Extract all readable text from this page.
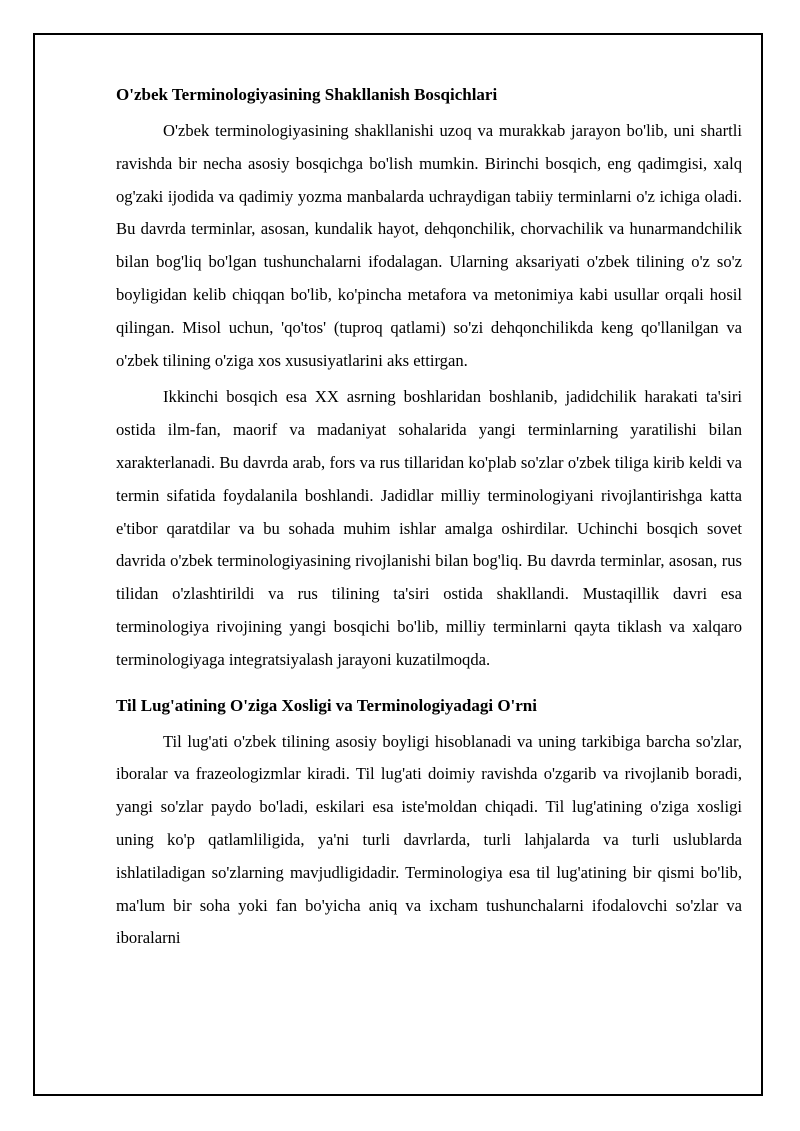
O'zbek Terminologiyasining Shakllanish Bosqichlari

O'zbek terminologiyasining shakllanishi uzoq va murakkab jarayon bo'lib, uni shartli ravishda bir necha asosiy bosqichga bo'lish mumkin. Birinchi bosqich, eng qadimgisi, xalq og'zaki ijodida va qadimiy yozma manbalarda uchraydigan tabiiy terminlarni o'z ichiga oladi. Bu davrda terminlar, asosan, kundalik hayot, dehqonchilik, chorvachilik va hunarmandchilik bilan bog'liq bo'lgan tushunchalarni ifodalagan. Ularning aksariyati o'zbek tilining o'z so'z boyligidan kelib chiqqan bo'lib, ko'pincha metafora va metonimiya kabi usullar orqali hosil qilingan. Misol uchun, 'qo'tos' (tuproq qatlami) so'zi dehqonchilikda keng qo'llanilgan va o'zbek tilining o'ziga xos xususiyatlarini aks ettirgan.

Ikkinchi bosqich esa XX asrning boshlaridan boshlanib, jadidchilik harakati ta'siri ostida ilm-fan, maorif va madaniyat sohalarida yangi terminlarning yaratilishi bilan xarakterlanadi. Bu davrda arab, fors va rus tillaridan ko'plab so'zlar o'zbek tiliga kirib keldi va termin sifatida foydalanila boshlandi. Jadidlar milliy terminologiyani rivojlantirishga katta e'tibor qaratdilar va bu sohada muhim ishlar amalga oshirdilar. Uchinchi bosqich sovet davrida o'zbek terminologiyasining rivojlanishi bilan bog'liq. Bu davrda terminlar, asosan, rus tilidan o'zlashtirildi va rus tilining ta'siri ostida shakllandi. Mustaqillik davri esa terminologiya rivojining yangi bosqichi bo'lib, milliy terminlarni qayta tiklash va xalqaro terminologiyaga integratsiyalash jarayoni kuzatilmoqda.

Til Lug'atining O'ziga Xosligi va Terminologiyadagi O'rni

Til lug'ati o'zbek tilining asosiy boyligi hisoblanadi va uning tarkibiga barcha so'zlar, iboralar va frazeologizmlar kiradi. Til lug'ati doimiy ravishda o'zgarib va rivojlanib boradi, yangi so'zlar paydo bo'ladi, eskilari esa iste'moldan chiqadi. Til lug'atining o'ziga xosligi uning ko'p qatlamliligida, ya'ni turli davrlarda, turli lahjalarda va turli uslublarda ishlatiladigan so'zlarning mavjudligidadir. Terminologiya esa til lug'atining bir qismi bo'lib, ma'lum bir soha yoki fan bo'yicha aniq va ixcham tushunchalarni ifodalovchi so'zlar va iboralarni
